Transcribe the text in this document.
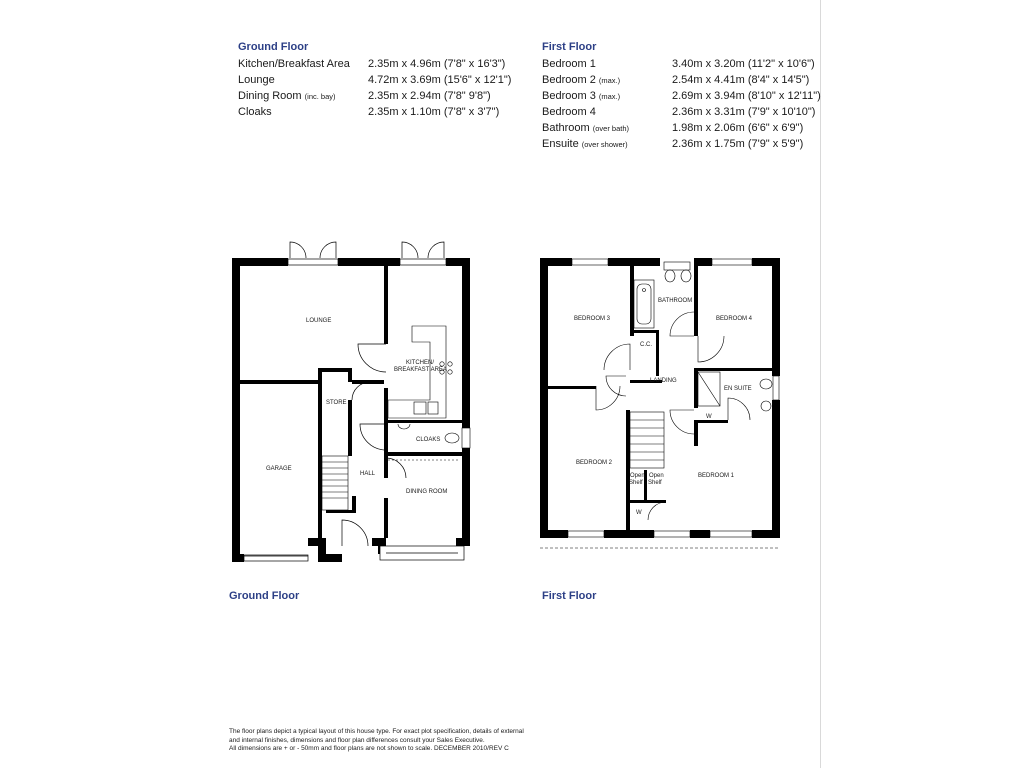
Ground Floor
Kitchen/Breakfast Area 2.35m x 4.96m (7'8" x 16'3")
Lounge	4.72m x 3.69m (15'6" x 12'1")
Dining Room (inc. bay)	2.35m x 2.94m (7'8" 9'8")
Cloaks	2.35m x 1.10m (7'8" x 3'7")
First Floor
Bedroom 1	3.40m x 3.20m (11'2" x 10'6")
Bedroom 2 (max.)	2.54m x 4.41m (8'4" x 14'5")
Bedroom 3 (max.)	2.69m x 3.94m (8'10" x 12'11")
Bedroom 4	2.36m x 3.31m (7'9" x 10'10")
Bathroom (over bath)	1.98m x 2.06m (6'6" x 6'9")
Ensuite (over shower)	2.36m x 1.75m (7'9" x 5'9")
LOUNGE
KITCHEN/
BREAKFAST AREA
STORE
CLOAKS
GARAGE
HALL
DINING ROOM
BEDROOM 3
BATHROOM
BEDROOM 4
C.C.
LANDING
EN SUITE
W
BEDROOM 2
Open
Shelf
Open
Shelf
BEDROOM 1
W
Ground Floor	First Floor
The floor plans depict a typical layout of this house type. For exact plot specification, details of external
and internal finishes, dimensions and floor plan differences consult your Sales Executive.
All dimensions are + or - 50mm and floor plans are not shown to scale. DECEMBER 2010/REV C
